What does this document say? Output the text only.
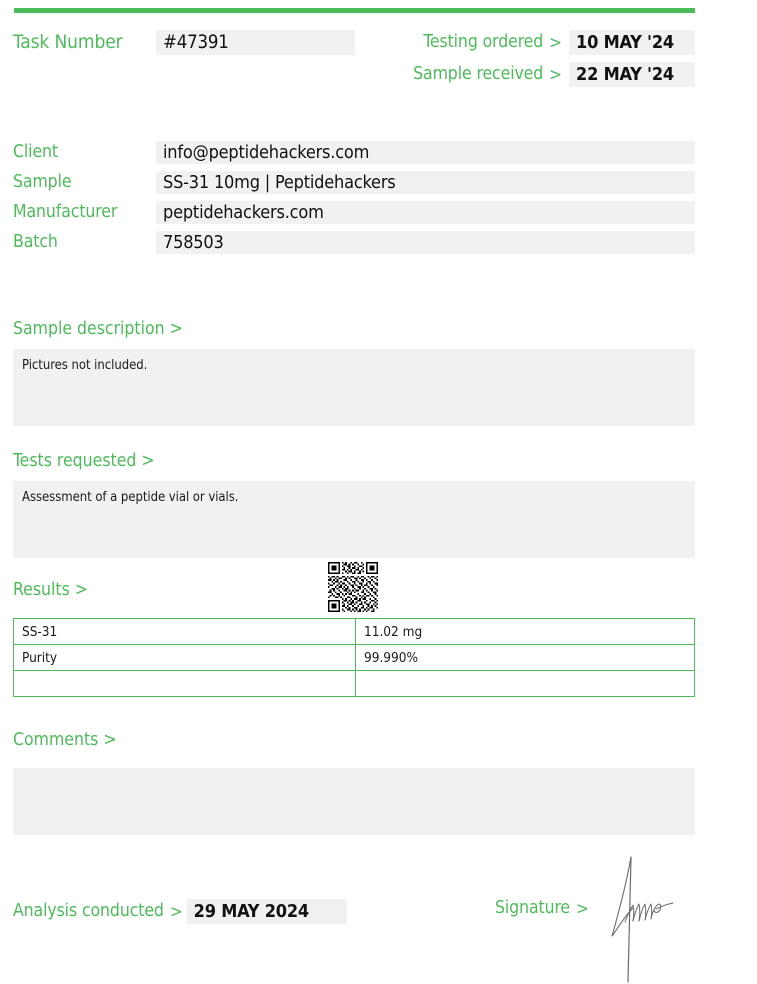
Task Number	#47391	Testing ordered > 10 MAY '24
Sample received > 22 MAY '24
Client	info@peptidehackers.com
Sample	SS-31 10mg | Peptidehackers
Manufacturer	peptidehackers.com
Batch	758503
Sample description >
Pictures not included.
Tests requested >
Assessment of a peptide vial or vials.
Results >
SS-31	11.02 mg
Purity	99.990%

Comments >
Analysis conducted > 29 MAY 2024	Signature >
